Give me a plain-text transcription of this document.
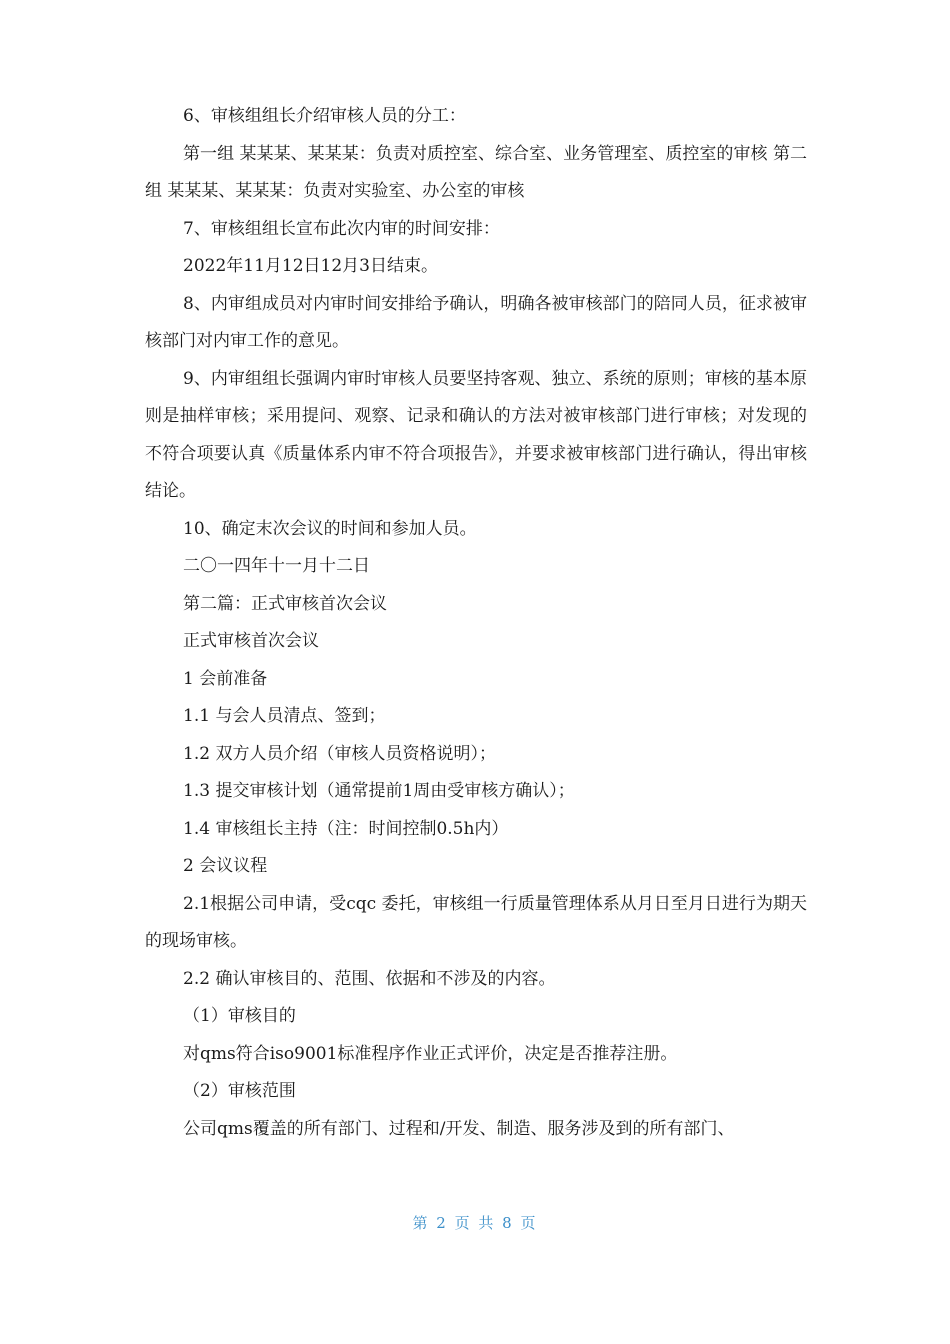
6、审核组组长介绍审核人员的分工：

第一组 某某某、某某某：负责对质控室、综合室、业务管理室、质控室的审核 第二组 某某某、某某某：负责对实验室、办公室的审核

7、审核组组长宣布此次内审的时间安排：

2022年11月12日12月3日结束。

8、内审组成员对内审时间安排给予确认，明确各被审核部门的陪同人员，征求被审核部门对内审工作的意见。

9、内审组组长强调内审时审核人员要坚持客观、独立、系统的原则；审核的基本原则是抽样审核；采用提问、观察、记录和确认的方法对被审核部门进行审核；对发现的不符合项要认真《质量体系内审不符合项报告》，并要求被审核部门进行确认，得出审核结论。

10、确定末次会议的时间和参加人员。

二〇一四年十一月十二日

第二篇：正式审核首次会议

正式审核首次会议

1 会前准备

1.1 与会人员清点、签到；

1.2 双方人员介绍（审核人员资格说明）；

1.3 提交审核计划（通常提前1周由受审核方确认）；

1.4 审核组长主持（注：时间控制0.5h内）

2 会议议程

2.1根据公司申请，受cqc 委托，审核组一行质量管理体系从月日至月日进行为期天的现场审核。

2.2 确认审核目的、范围、依据和不涉及的内容。

（1）审核目的

对qms符合iso9001标准程序作业正式评价，决定是否推荐注册。

（2）审核范围

公司qms覆盖的所有部门、过程和/开发、制造、服务涉及到的所有部门、

第 2 页 共 8 页
